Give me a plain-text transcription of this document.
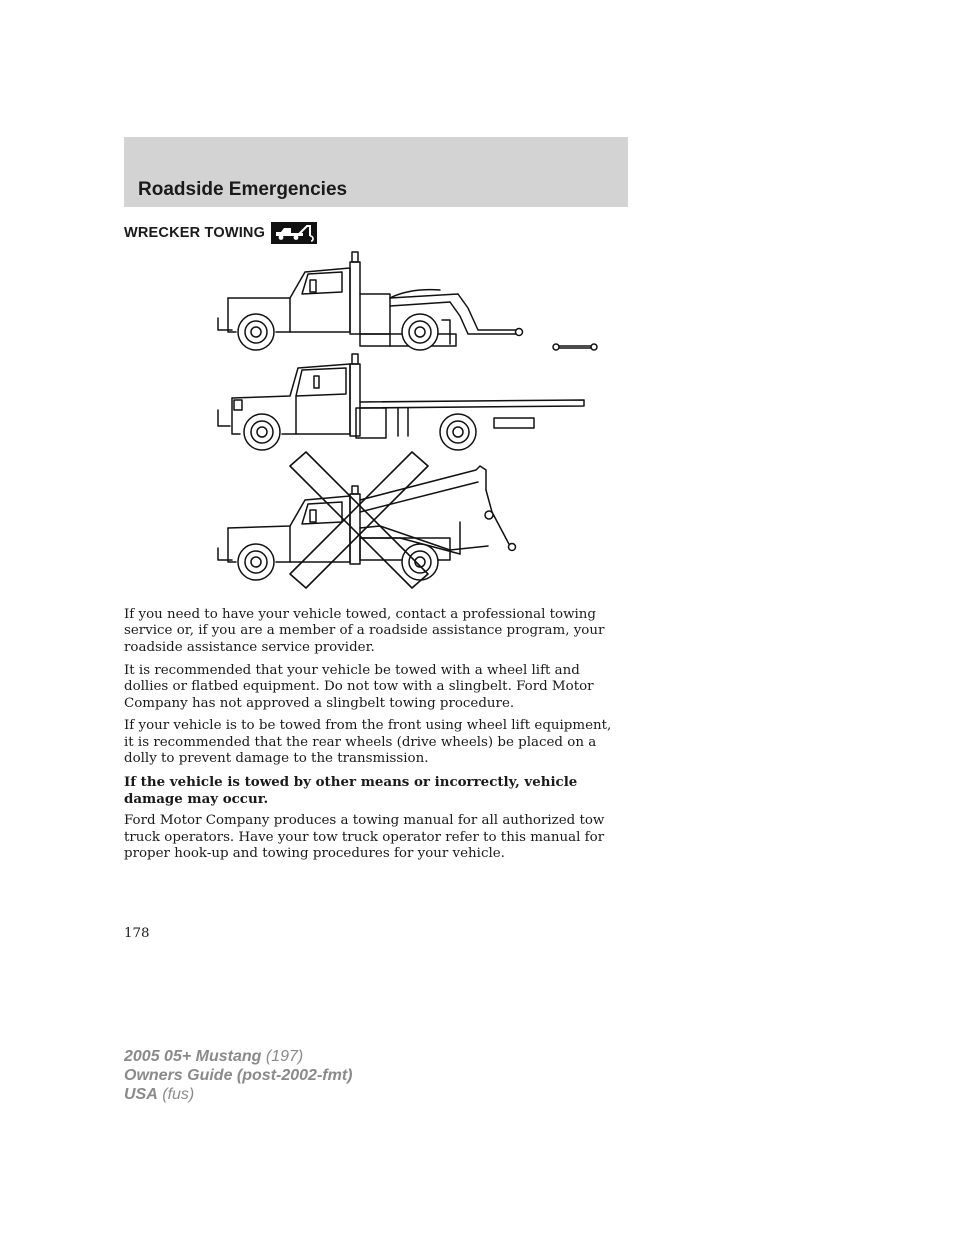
Roadside Emergencies
WRECKER TOWING

If you need to have your vehicle towed, contact a professional towing service or, if you are a member of a roadside assistance program, your roadside assistance service provider.

It is recommended that your vehicle be towed with a wheel lift and dollies or flatbed equipment. Do not tow with a slingbelt. Ford Motor Company has not approved a slingbelt towing procedure.

If your vehicle is to be towed from the front using wheel lift equipment, it is recommended that the rear wheels (drive wheels) be placed on a dolly to prevent damage to the transmission.

If the vehicle is towed by other means or incorrectly, vehicle damage may occur.

Ford Motor Company produces a towing manual for all authorized tow truck operators. Have your tow truck operator refer to this manual for proper hook-up and towing procedures for your vehicle.

178
2005 05+ Mustang (197)
Owners Guide (post-2002-fmt)
USA (fus)
